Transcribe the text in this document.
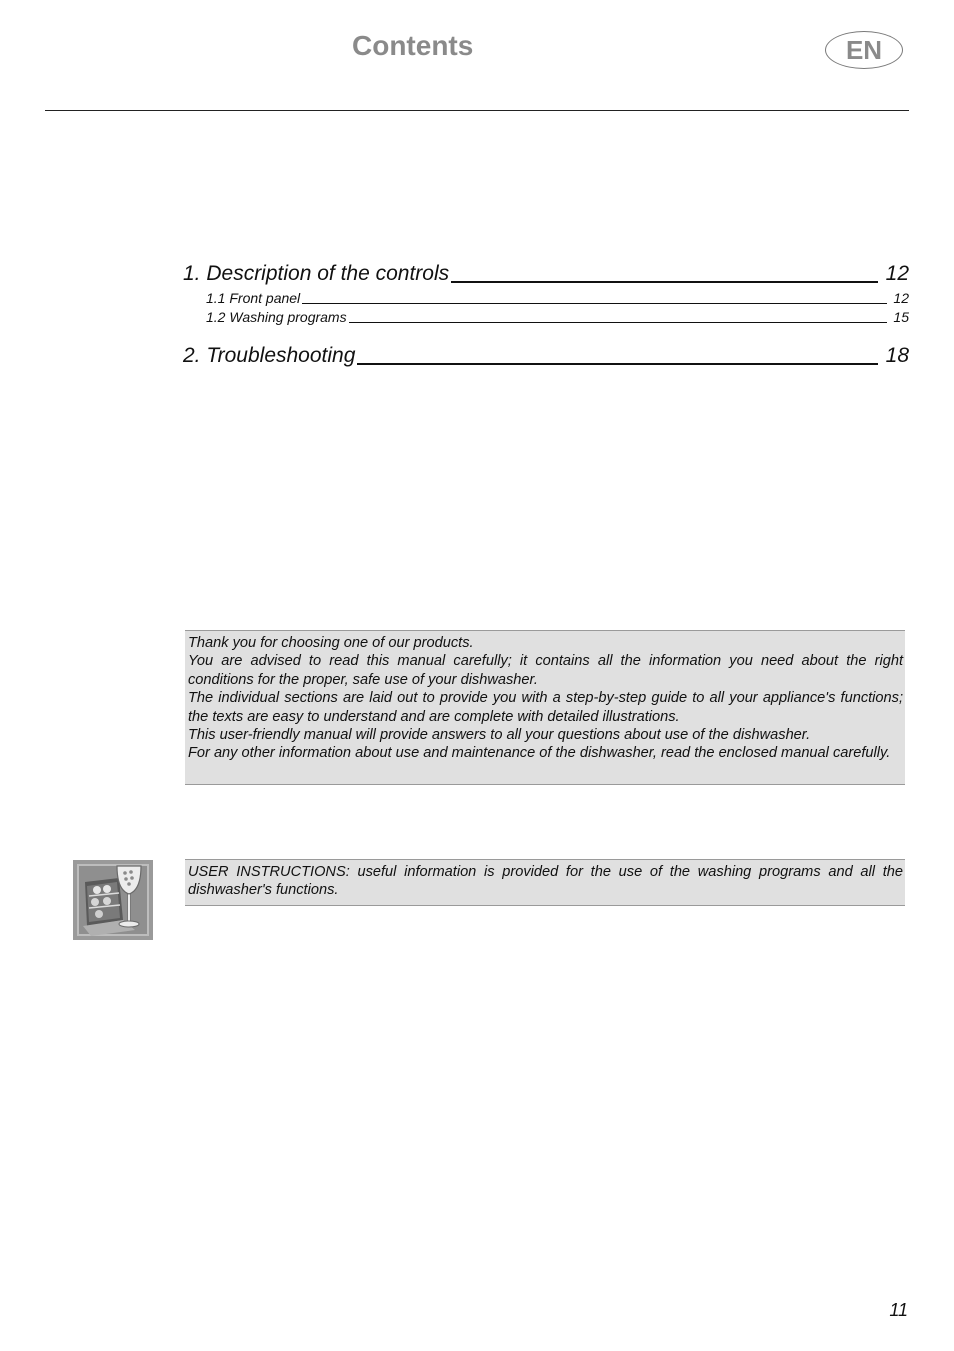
Contents	EN
1. Description of the controls	12
1.1 Front panel	12
1.2 Washing programs	15
2. Troubleshooting	18

Thank you for choosing one of our products.

You are advised to read this manual carefully; it contains all the information you need about the right conditions for the proper, safe use of your dishwasher.

The individual sections are laid out to provide you with a step-by-step guide to all your appliance's functions; the texts are easy to understand and are complete with detailed illustrations.

This user-friendly manual will provide answers to all your questions about use of the dishwasher.

For any other information about use and maintenance of the dishwasher, read the enclosed manual carefully.

USER INSTRUCTIONS: useful information is provided for the use of the washing programs and all the dishwasher's functions.

11
